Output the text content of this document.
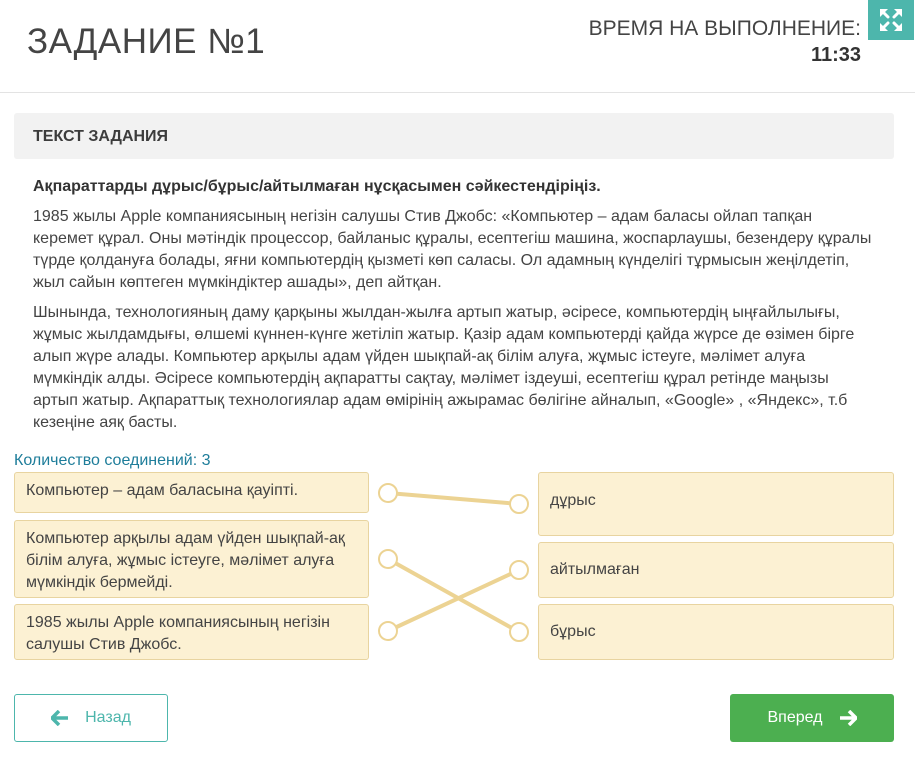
ЗАДАНИЕ №1	ВРЕМЯ НА ВЫПОЛНЕНИЕ:
11:33
ТЕКСТ ЗАДАНИЯ
Ақпараттарды дұрыс/бұрыс/айтылмаған нұсқасымен сәйкестендіріңіз.

1985 жылы Apple компаниясының негізін салушы Стив Джобс: «Компьютер – адам баласы ойлап тапқан керемет құрал. Оны мәтіндік процессор, байланыс құралы, есептегіш машина, жоспарлаушы, безендеру құралы түрде қолдануға болады, яғни компьютердің қызметі көп саласы. Ол адамның күнделігі тұрмысын жеңілдетіп, жыл сайын көптеген мүмкіндіктер ашады», деп айтқан.

Шынында, технологияның даму қарқыны жылдан-жылға артып жатыр, әсіресе, компьютердің ыңғайлылығы, жұмыс жылдамдығы, өлшемі күннен-күнге жетіліп жатыр. Қазір адам компьютерді қайда жүрсе де өзімен бірге алып жүре алады. Компьютер арқылы адам үйден шықпай-ақ білім алуға, жұмыс істеуге, мәлімет алуға мүмкіндік алды. Әсіресе компьютердің ақпаратты сақтау, мәлімет іздеуші, есептегіш құрал ретінде маңызы артып жатыр. Ақпараттық технологиялар адам өмірінің ажырамас бөлігіне айналып, «Google» , «Яндекс», т.б кезеңіне аяқ басты.

Количество соединений: 3
Компьютер – адам баласына қауіпті.
Компьютер арқылы адам үйден шықпай-ақ білім алуға, жұмыс істеуге, мәлімет алуға мүмкіндік бермейді.
1985 жылы Apple компаниясының негізін салушы Стив Джобс.
дұрыс
айтылмаған
бұрыс
Назад	Вперед
